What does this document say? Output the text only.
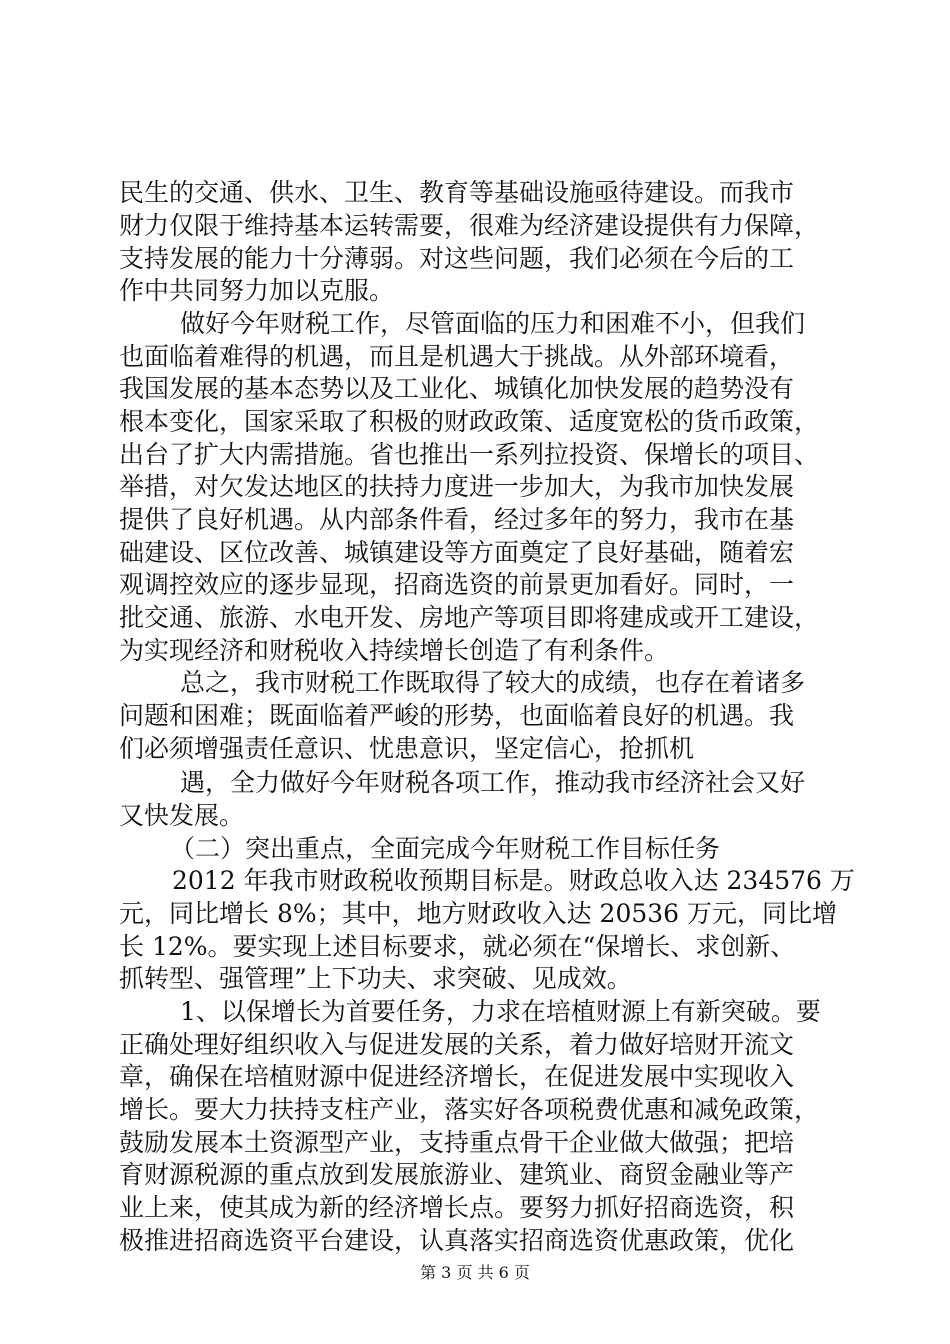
民生的交通、供水、卫生、教育等基础设施亟待建设。而我市
财力仅限于维持基本运转需要，很难为经济建设提供有力保障，
支持发展的能力十分薄弱。对这些问题，我们必须在今后的工
作中共同努力加以克服。
做好今年财税工作，尽管面临的压力和困难不小，但我们
也面临着难得的机遇，而且是机遇大于挑战。从外部环境看，
我国发展的基本态势以及工业化、城镇化加快发展的趋势没有
根本变化，国家采取了积极的财政政策、适度宽松的货币政策，
出台了扩大内需措施。省也推出一系列拉投资、保增长的项目、
举措，对欠发达地区的扶持力度进一步加大，为我市加快发展
提供了良好机遇。从内部条件看，经过多年的努力，我市在基
础建设、区位改善、城镇建设等方面奠定了良好基础，随着宏
观调控效应的逐步显现，招商选资的前景更加看好。同时，一
批交通、旅游、水电开发、房地产等项目即将建成或开工建设，
为实现经济和财税收入持续增长创造了有利条件。
总之，我市财税工作既取得了较大的成绩，也存在着诸多
问题和困难；既面临着严峻的形势，也面临着良好的机遇。我
们必须增强责任意识、忧患意识，坚定信心，抢抓机
遇，全力做好今年财税各项工作，推动我市经济社会又好
又快发展。
（二）突出重点，全面完成今年财税工作目标任务
2012 年我市财政税收预期目标是。财政总收入达 234576 万
元，同比增长 8%；其中，地方财政收入达 20536 万元，同比增
长 12%。要实现上述目标要求，就必须在“保增长、求创新、
抓转型、强管理”上下功夫、求突破、见成效。
1、以保增长为首要任务，力求在培植财源上有新突破。要
正确处理好组织收入与促进发展的关系，着力做好培财开流文
章，确保在培植财源中促进经济增长，在促进发展中实现收入
增长。要大力扶持支柱产业，落实好各项税费优惠和减免政策，
鼓励发展本土资源型产业，支持重点骨干企业做大做强；把培
育财源税源的重点放到发展旅游业、建筑业、商贸金融业等产
业上来，使其成为新的经济增长点。要努力抓好招商选资，积
极推进招商选资平台建设，认真落实招商选资优惠政策，优化
第 3 页 共 6 页
